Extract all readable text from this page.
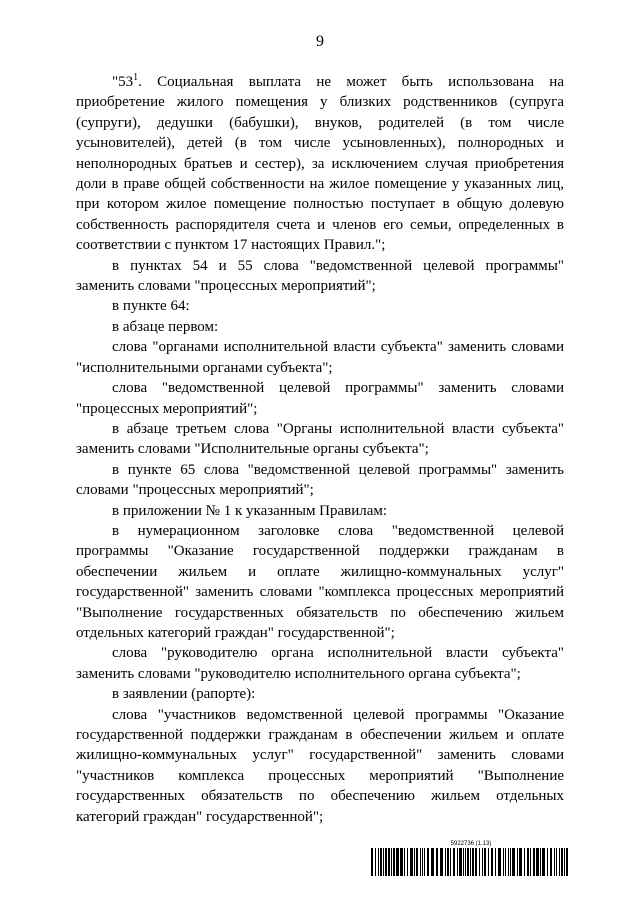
9

"$53^1$. Социальная выплата не может быть использована на приобретение жилого помещения у близких родственников (супруга (супруги), дедушки (бабушки), внуков, родителей (в том числе усыновителей), детей (в том числе усыновленных), полнородных и неполнородных братьев и сестер), за исключением случая приобретения доли в праве общей собственности на жилое помещение у указанных лиц, при котором жилое помещение полностью поступает в общую долевую собственность распорядителя счета и членов его семьи, определенных в соответствии с пунктом 17 настоящих Правил.";

в пунктах 54 и 55 слова "ведомственной целевой программы" заменить словами "процессных мероприятий";

в пункте 64:

в абзаце первом:

слова "органами исполнительной власти субъекта" заменить словами "исполнительными органами субъекта";

слова "ведомственной целевой программы" заменить словами "процессных мероприятий";

в абзаце третьем слова "Органы исполнительной власти субъекта" заменить словами "Исполнительные органы субъекта";

в пункте 65 слова "ведомственной целевой программы" заменить словами "процессных мероприятий";

в приложении № 1 к указанным Правилам:

в нумерационном заголовке слова "ведомственной целевой программы "Оказание государственной поддержки гражданам в обеспечении жильем и оплате жилищно-коммунальных услуг" государственной" заменить словами "комплекса процессных мероприятий "Выполнение государственных обязательств по обеспечению жильем отдельных категорий граждан" государственной";

слова "руководителю органа исполнительной власти субъекта" заменить словами "руководителю исполнительного органа субъекта";

в заявлении (рапорте):

слова "участников ведомственной целевой программы "Оказание государственной поддержки гражданам в обеспечении жильем и оплате жилищно-коммунальных услуг" государственной" заменить словами "участников комплекса процессных мероприятий "Выполнение государственных обязательств по обеспечению жильем отдельных категорий граждан" государственной";

5922736 (1.13)
